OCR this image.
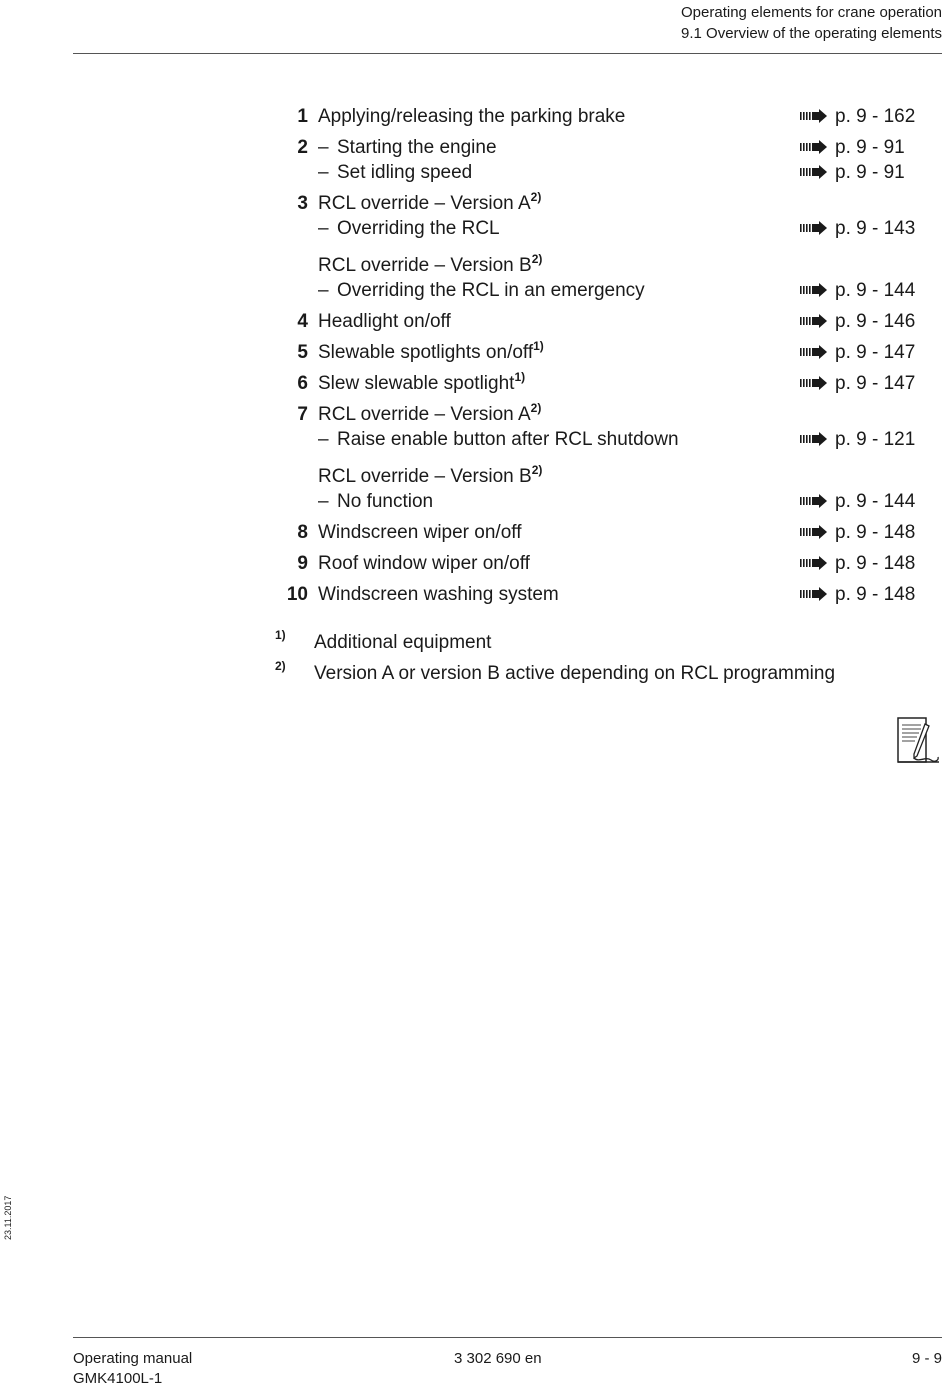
Operating elements for crane operation
9.1 Overview of the operating elements
1 Applying/releasing the parking brake	p. 9 - 162
2 – Starting the engine	p. 9 - 91
– Set idling speed	p. 9 - 91
3 RCL override – Version $A^{2)}$
– Overriding the RCL	p. 9 - 143
RCL override – Version $B^{2)}$
– Overriding the RCL in an emergency	p. 9 - 144
4 Headlight on/off	p. 9 - 146
5 Slewable spotlights on/off$^{1)}$	p. 9 - 147
6 Slew slewable spotlight$^{1)}$	p. 9 - 147
7 RCL override – Version $A^{2)}$
– Raise enable button after RCL shutdown	p. 9 - 121
RCL override – Version $B^{2)}$
– No function	p. 9 - 144
8 Windscreen wiper on/off	p. 9 - 148
9 Roof window wiper on/off	p. 9 - 148
10 Windscreen washing system	p. 9 - 148
1) Additional equipment
2) Version A or version B active depending on RCL programming
23.11.2017
Operating manual
GMK4100L-1
3 302 690 en	9 - 9
